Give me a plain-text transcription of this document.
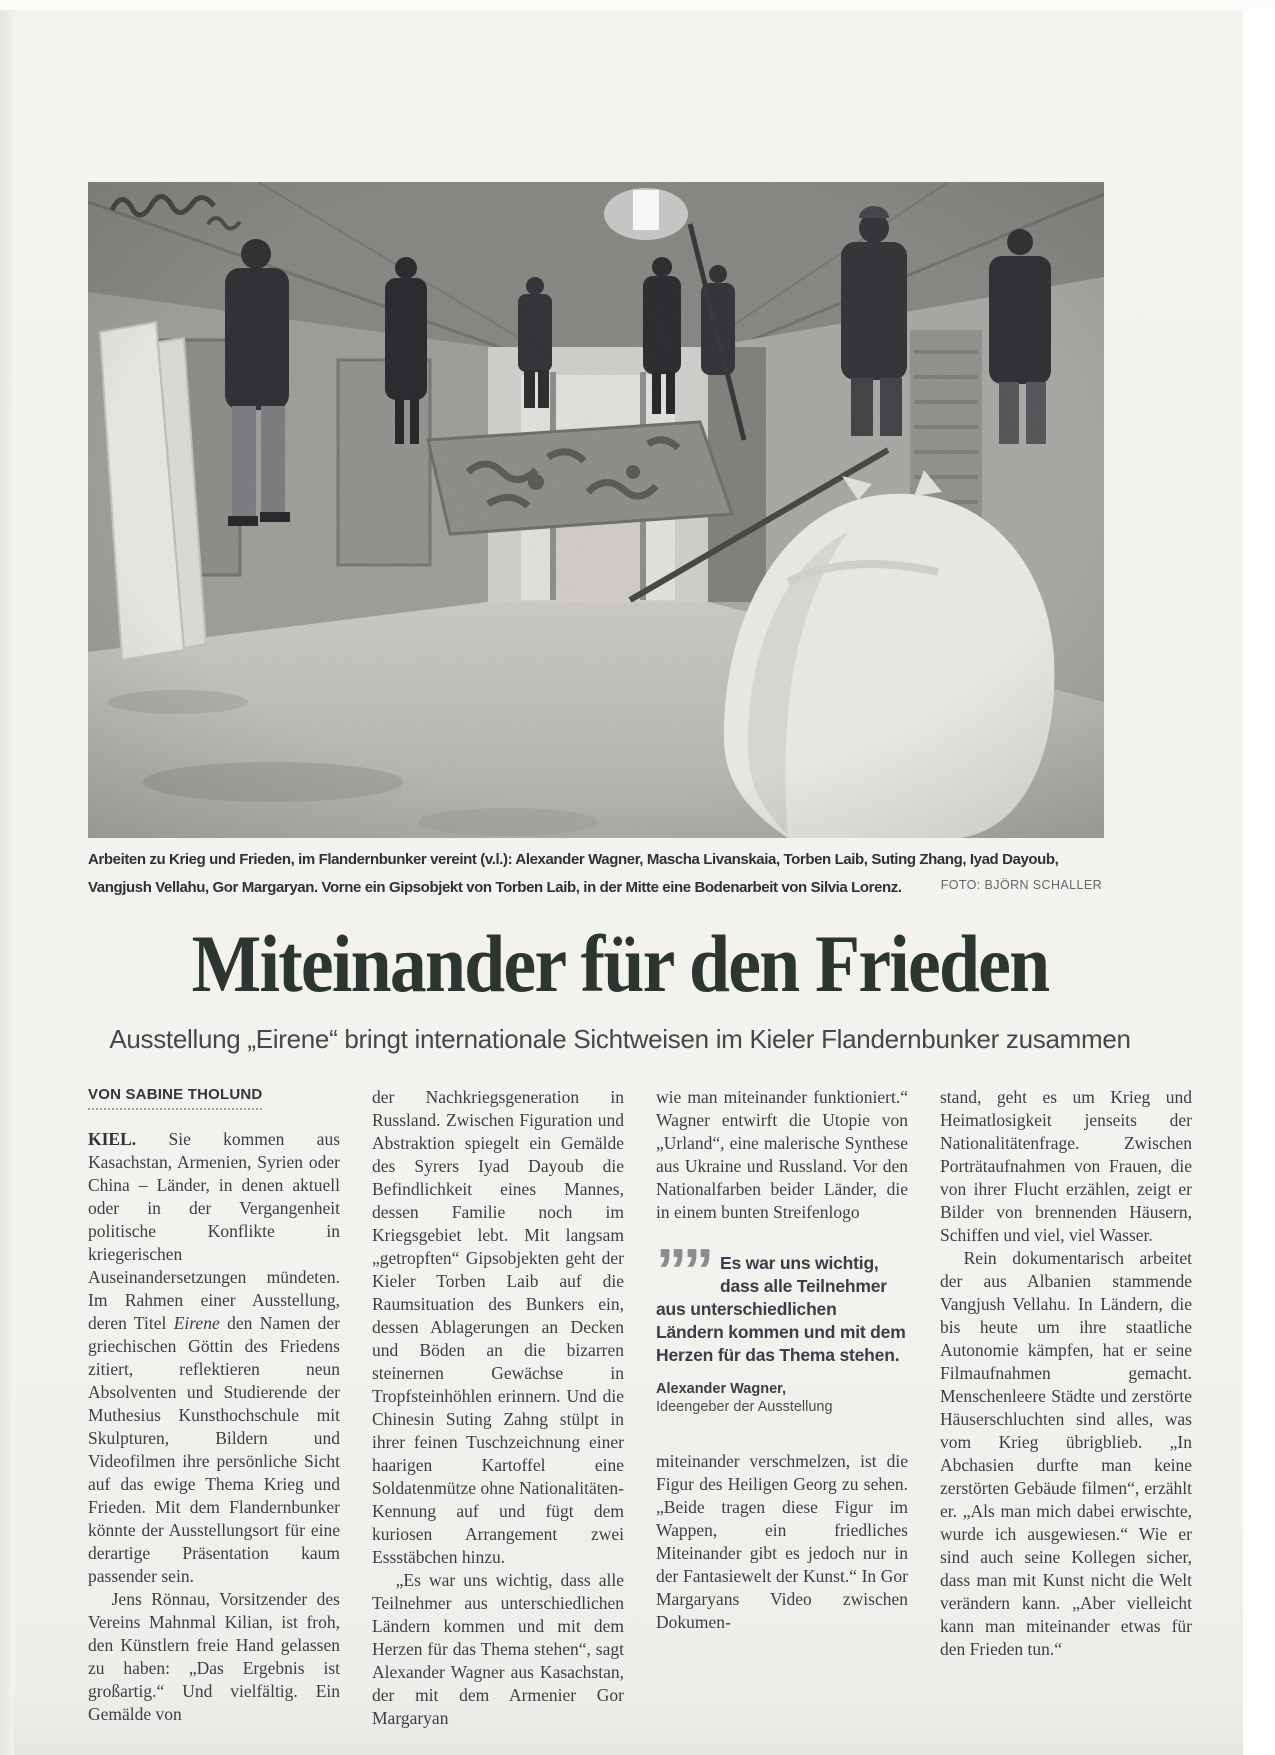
Arbeiten zu Krieg und Frieden, im Flandernbunker vereint (v.l.): Alexander Wagner, Mascha Livanskaia, Torben Laib, Suting Zhang, Iyad Dayoub, Vangjush Vellahu, Gor Margaryan. Vorne ein Gipsobjekt von Torben Laib, in der Mitte eine Bodenarbeit von Silvia Lorenz.	FOTO: BJÖRN SCHALLER
Miteinander für den Frieden
Ausstellung „Eirene“ bringt internationale Sichtweisen im Kieler Flandernbunker zusammen
VON SABINE THOLUND

KIEL. Sie kommen aus Kasachstan, Armenien, Syrien oder China – Länder, in denen aktuell oder in der Vergangenheit politische Konflikte in kriegerischen Auseinandersetzungen mündeten. Im Rahmen einer Ausstellung, deren Titel Eirene den Namen der griechischen Göttin des Friedens zitiert, reflektieren neun Absolventen und Studierende der Muthesius Kunsthochschule mit Skulpturen, Bildern und Videofilmen ihre persönliche Sicht auf das ewige Thema Krieg und Frieden. Mit dem Flandernbunker könnte der Ausstellungsort für eine derartige Präsentation kaum passender sein.

Jens Rönnau, Vorsitzender des Vereins Mahnmal Kilian, ist froh, den Künstlern freie Hand gelassen zu haben: „Das Ergebnis ist großartig.“ Und vielfältig. Ein Gemälde von

der Nachkriegsgeneration in Russland. Zwischen Figuration und Abstraktion spiegelt ein Gemälde des Syrers Iyad Dayoub die Befindlichkeit eines Mannes, dessen Familie noch im Kriegsgebiet lebt. Mit langsam „getropften“ Gipsobjekten geht der Kieler Torben Laib auf die Raumsituation des Bunkers ein, dessen Ablagerungen an Decken und Böden an die bizarren steinernen Gewächse in Tropfsteinhöhlen erinnern. Und die Chinesin Suting Zahng stülpt in ihrer feinen Tuschzeichnung einer haarigen Kartoffel eine Soldatenmütze ohne Nationalitäten-Kennung auf und fügt dem kuriosen Arrangement zwei Essstäbchen hinzu.

„Es war uns wichtig, dass alle Teilnehmer aus unterschiedlichen Ländern kommen und mit dem Herzen für das Thema stehen“, sagt Alexander Wagner aus Kasachstan, der mit dem Armenier Gor Margaryan

wie man miteinander funktioniert.“ Wagner entwirft die Utopie von „Urland“, eine malerische Synthese aus Ukraine und Russland. Vor den Nationalfarben beider Länder, die in einem bunten Streifenlogo

”” Es war uns wichtig, dass alle Teilnehmer aus unterschiedlichen Ländern kommen und mit dem Herzen für das Thema stehen.

Alexander Wagner,
Ideengeber der Ausstellung

miteinander verschmelzen, ist die Figur des Heiligen Georg zu sehen. „Beide tragen diese Figur im Wappen, ein friedliches Miteinander gibt es jedoch nur in der Fantasiewelt der Kunst.“ In Gor Margaryans Video zwischen Dokumen-

stand, geht es um Krieg und Heimatlosigkeit jenseits der Nationalitätenfrage. Zwischen Porträtaufnahmen von Frauen, die von ihrer Flucht erzählen, zeigt er Bilder von brennenden Häusern, Schiffen und viel, viel Wasser.

Rein dokumentarisch arbeitet der aus Albanien stammende Vangjush Vellahu. In Ländern, die bis heute um ihre staatliche Autonomie kämpfen, hat er seine Filmaufnahmen gemacht. Menschenleere Städte und zerstörte Häuserschluchten sind alles, was vom Krieg übrigblieb. „In Abchasien durfte man keine zerstörten Gebäude filmen“, erzählt er. „Als man mich dabei erwischte, wurde ich ausgewiesen.“ Wie er sind auch seine Kollegen sicher, dass man mit Kunst nicht die Welt verändern kann. „Aber vielleicht kann man miteinander etwas für den Frieden tun.“
